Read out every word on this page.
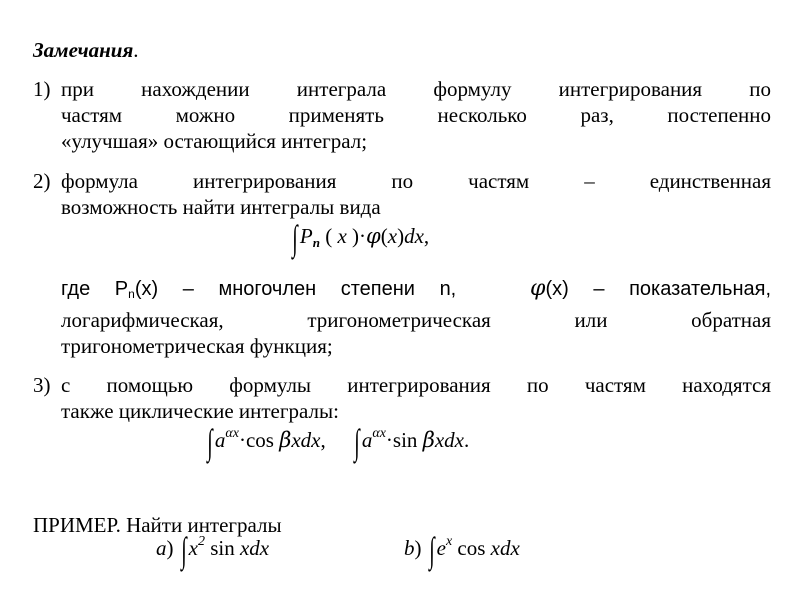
Замечания.
1) при нахождении интеграла формулу интегрирования по
частям можно применять несколько раз, постепенно
«улучшая» остающийся интеграл;
2) формула интегрирования по частям – единственная
возможность найти интегралы вида
∫ $P_n$ ( x )·φ(x)dx,
где Pn(x) – многочлен степени n,	φ(x) – показательная,
логарифмическая, тригонометрическая или обратная
тригонометрическая функция;
3) с помощью формулы интегрирования по частям находятся
также циклические интегралы:
∫ $a^{\alpha x}\cdot\cos$ βxdx, ∫ $a^{\alpha x}\cdot\sin$ βxdx.
ПРИМЕР. Найти интегралы
a) ∫ $x^2$ sin xdx	b) ∫ $e^x$ cos xdx
